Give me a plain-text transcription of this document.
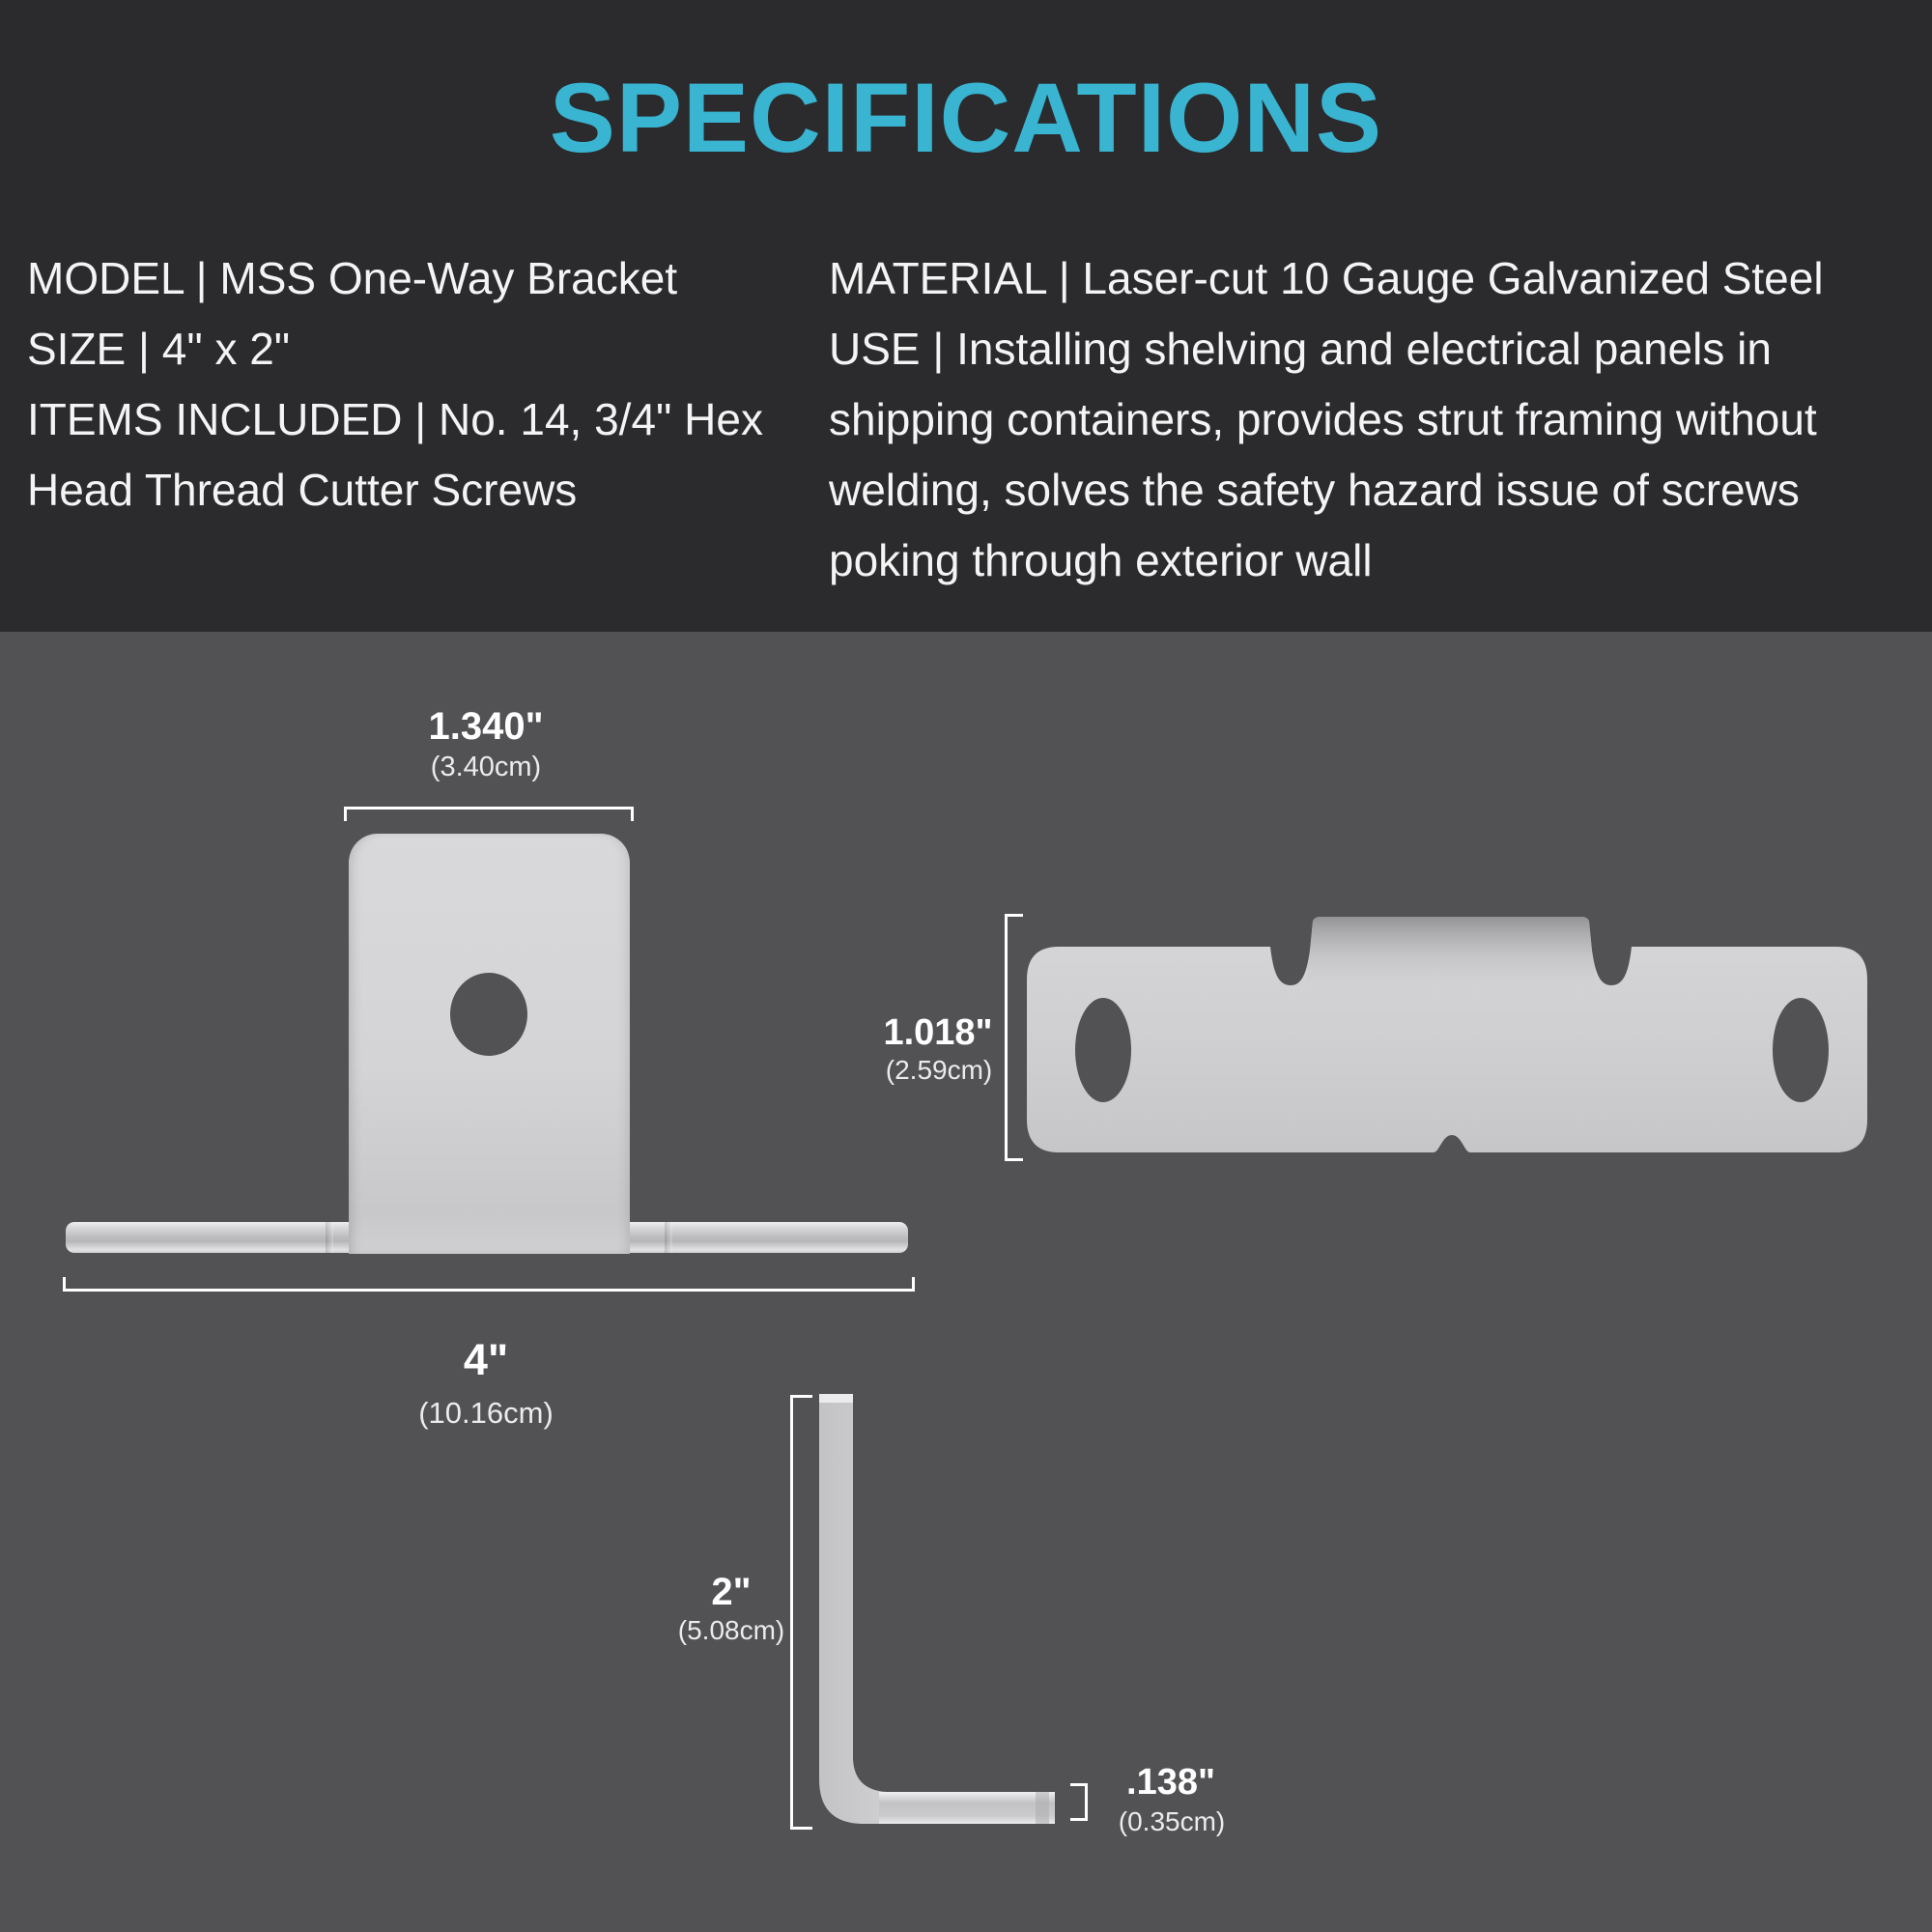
SPECIFICATIONS
MODEL | MSS One-Way Bracket
SIZE | 4" x 2"
ITEMS INCLUDED | No. 14, 3/4" Hex
Head Thread Cutter Screws
MATERIAL | Laser-cut 10 Gauge Galvanized Steel
USE | Installing shelving and electrical panels in
shipping containers, provides strut framing without
welding, solves the safety hazard issue of screws
poking through exterior wall
1.340"
(3.40cm)
4"
(10.16cm)
1.018"
(2.59cm)
2"
(5.08cm)
.138"
(0.35cm)
